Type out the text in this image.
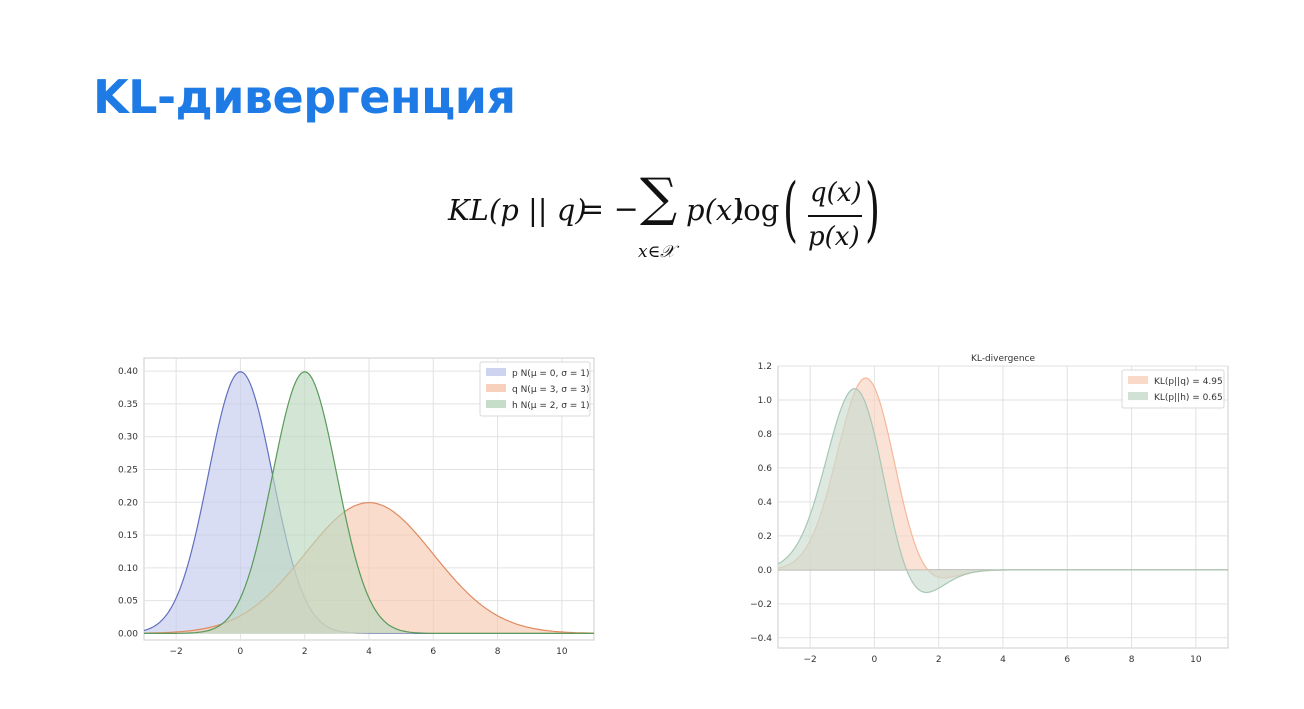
KL-дивергенция
KL(p || q)
= − ∑
x∈𝒳
p(x)
log ( q(x)
p(x) )
−2	0	2	4	6	8	10
0.00
0.05
0.10
0.15
0.20
0.25
0.30
0.35
0.40	p N(μ = 0, σ = 1)
q N(μ = 3, σ = 3)
h N(μ = 2, σ = 1)
−2	0	2	4	6	8	10
−0.4
−0.2
0.0
0.2
0.4
0.6
0.8
1.0
1.2
KL-divergence
KL(p||q) = 4.95
KL(p||h) = 0.65
